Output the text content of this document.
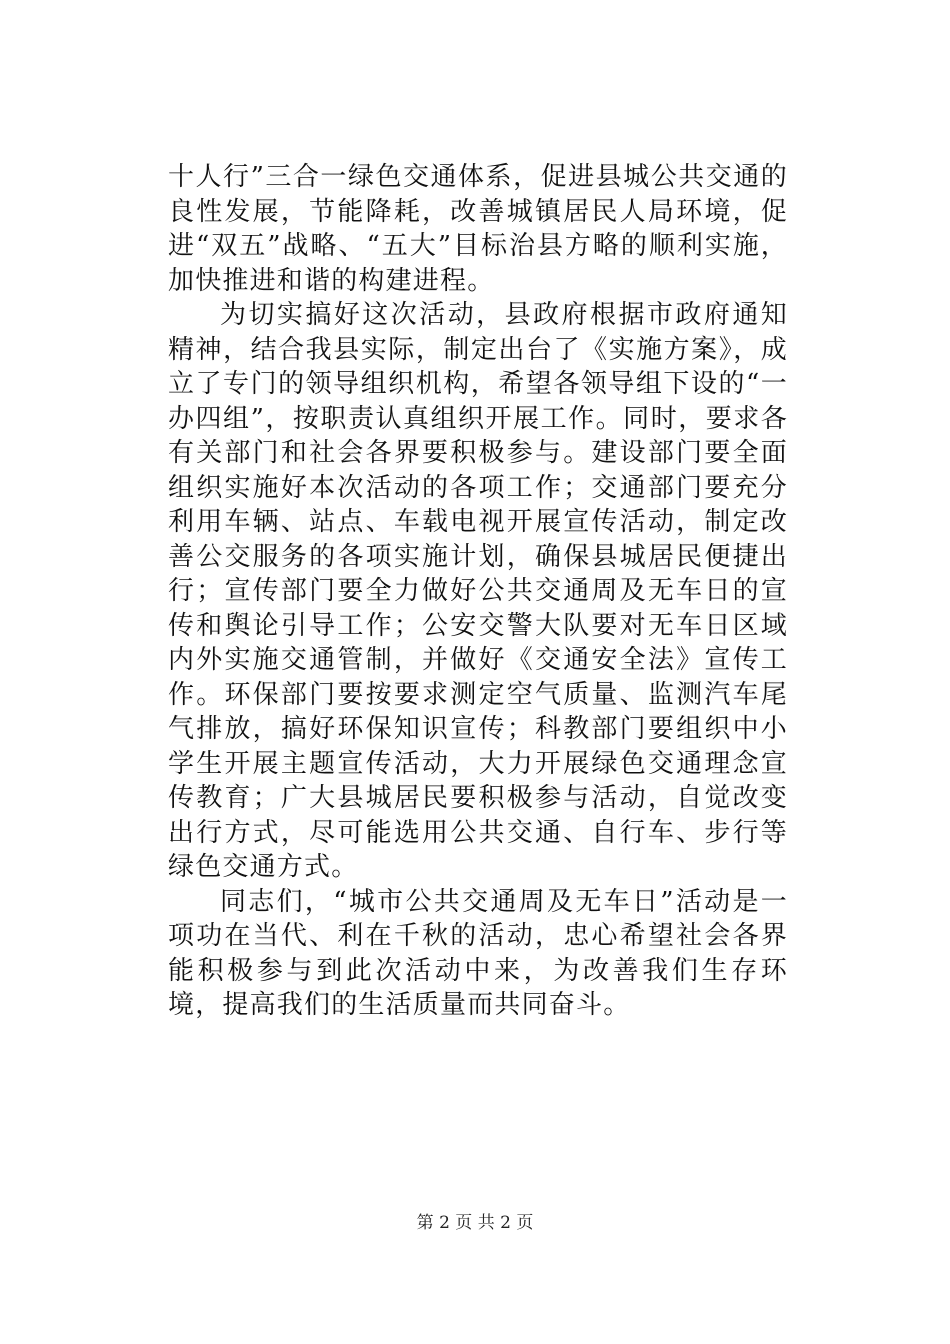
十人行”三合一绿色交通体系，促进县城公共交通的良性发展，节能降耗，改善城镇居民人局环境，促进“双五”战略、“五大”目标治县方略的顺利实施，加快推进和谐的构建进程。

为切实搞好这次活动，县政府根据市政府通知精神，结合我县实际，制定出台了《实施方案》，成立了专门的领导组织机构，希望各领导组下设的“一办四组”，按职责认真组织开展工作。同时，要求各有关部门和社会各界要积极参与。建设部门要全面组织实施好本次活动的各项工作；交通部门要充分利用车辆、站点、车载电视开展宣传活动，制定改善公交服务的各项实施计划，确保县城居民便捷出行；宣传部门要全力做好公共交通周及无车日的宣传和舆论引导工作；公安交警大队要对无车日区域内外实施交通管制，并做好《交通安全法》宣传工作。环保部门要按要求测定空气质量、监测汽车尾气排放，搞好环保知识宣传；科教部门要组织中小学生开展主题宣传活动，大力开展绿色交通理念宣传教育；广大县城居民要积极参与活动，自觉改变出行方式，尽可能选用公共交通、自行车、步行等绿色交通方式。

同志们，“城市公共交通周及无车日”活动是一项功在当代、利在千秋的活动，忠心希望社会各界能积极参与到此次活动中来，为改善我们生存环境，提高我们的生活质量而共同奋斗。

第 2 页 共 2 页
